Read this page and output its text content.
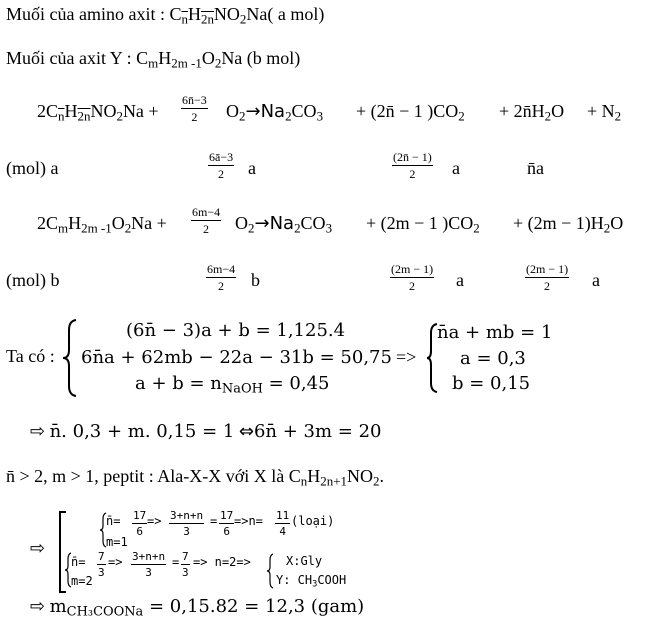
Muối của amino axit : $C_{\overline{n}}H_{2n}NO_2Na$( a mol)
Muối của axit Y : $C_mH_{2m -1}O_2Na$ (b mol)
$2C_{\overline{n}}H_{2n}NO_2Na + \frac{6n̄-3}{2} O_2\to Na_2CO_3$ + (2n̄ − 1 )$CO_2$ + $2n̄H_2O + N_2$
(mol) a	$\frac{6ā-3}{2}$ a	$\frac{(2n̄ - 1)}{2}$ a	n̄a
$2C_mH_{2m -1}O_2Na + \frac{6m-4}{2} O_2\to Na_2CO_3 + (2m - 1$ )$CO_2 + (2m - 1)H_2O$
(mol) b	$\frac{6m-4}{2}$ b	$\frac{(2m - 1)}{2}$ a	$\frac{(2m - 1)}{2}$ a
Ta có :
(6n̄ − 3)a + b = 1,125.4
6n̄a + 62mb − 22a − 31b = 50,75
$a + b = n_{NaOH} = 0,45$
=>
n̄a + mb = 1
a = 0,3
b = 0,15
⇨ n̄. 0,3 + m. 0,15 = 1 ⇔6n̄ + 3m = 20
n̄ > 2, m > 1, peptit : Ala-X-X với X là $C_nH_{2n+1}NO_2$.
⇨
n̄= $\frac{17}{6} => \frac{3+n+n}{3} = \frac{17}{6} =>n= \frac{11}{4}$ (loại)
m=1
n̄= $\frac{7}{3} => \frac{3+n+n}{3} = \frac{7}{3} => n=2=>$
m=2
X:Gly
Y: $CH_3COOH$
⇨ $m_{CH_3COONa} = 0,15.82 = 12,3$ (gam)
